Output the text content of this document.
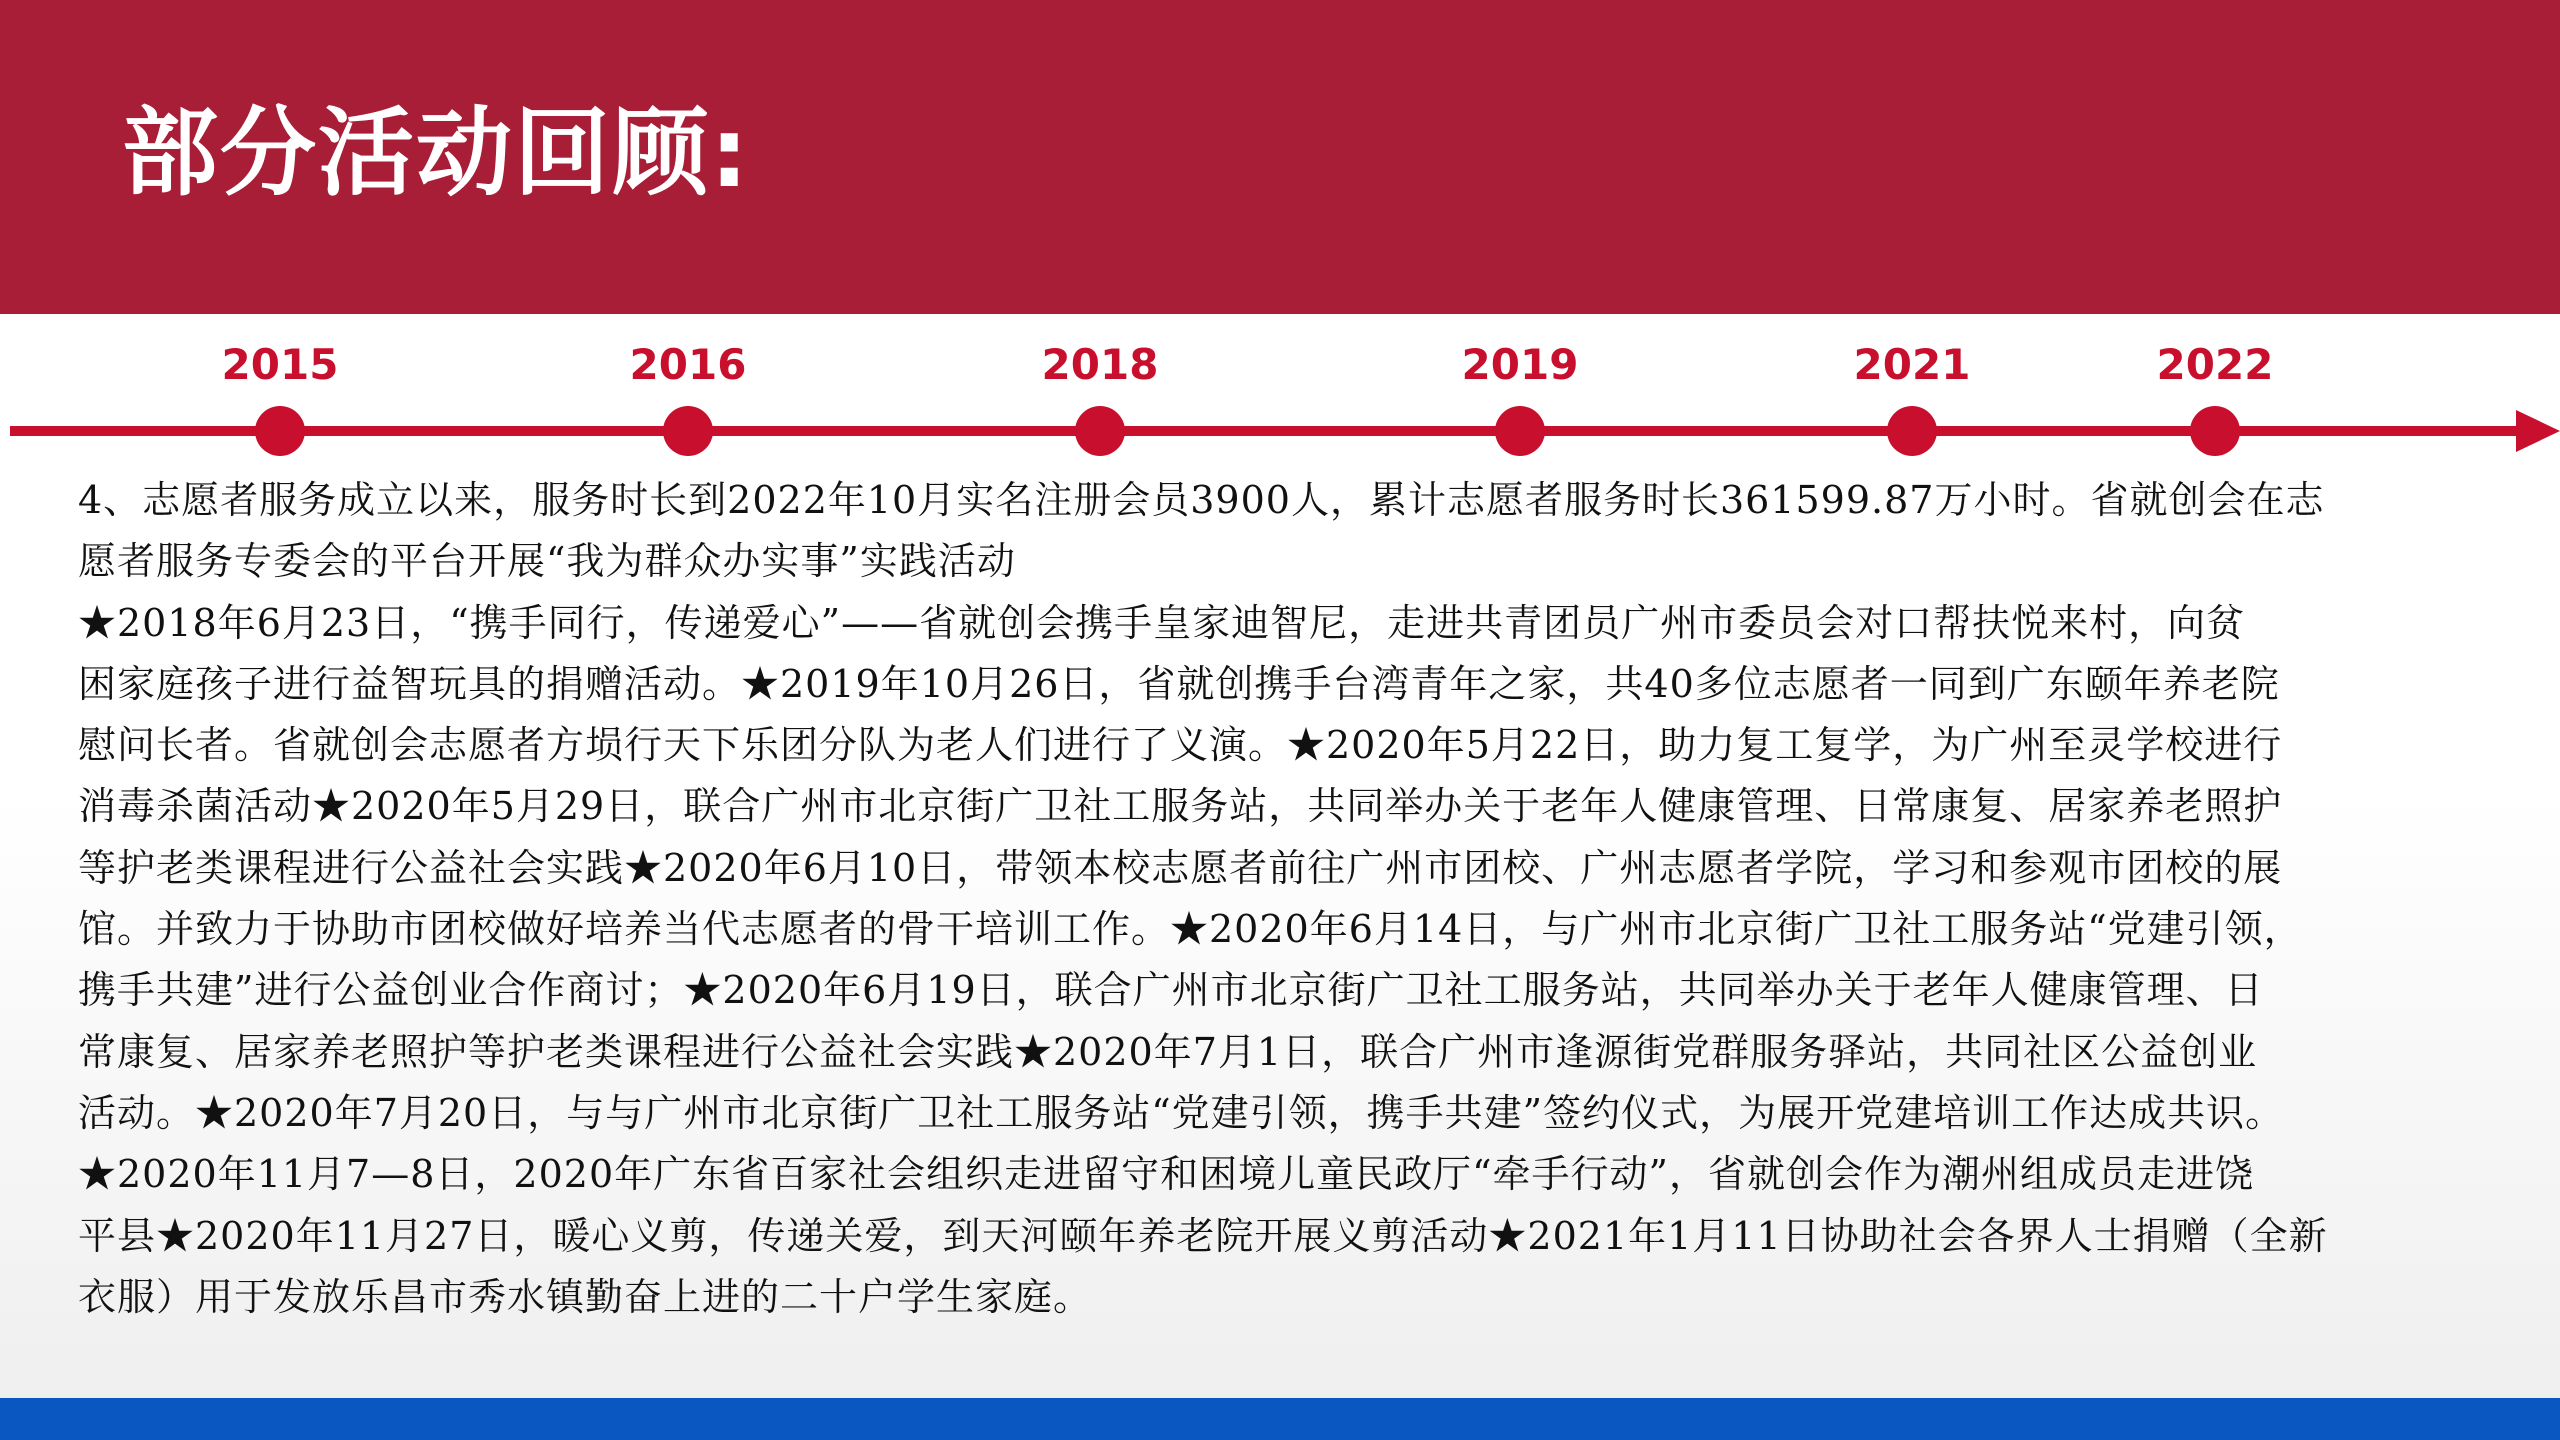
部分活动回顾:
2015	2016	2018	2019	2021	2022

4、志愿者服务成立以来，服务时长到2022年10月实名注册会员3900人，累计志愿者服务时长361599.87万小时。省就创会在志
愿者服务专委会的平台开展“我为群众办实事”实践活动
★2018年6月23日，“携手同行，传递爱心”——省就创会携手皇家迪智尼，走进共青团员广州市委员会对口帮扶悦来村，向贫
困家庭孩子进行益智玩具的捐赠活动。★2019年10月26日，省就创携手台湾青年之家，共40多位志愿者一同到广东颐年养老院
慰问长者。省就创会志愿者方埙行天下乐团分队为老人们进行了义演。★2020年5月22日，助力复工复学，为广州至灵学校进行
消毒杀菌活动★2020年5月29日，联合广州市北京街广卫社工服务站，共同举办关于老年人健康管理、日常康复、居家养老照护
等护老类课程进行公益社会实践★2020年6月10日，带领本校志愿者前往广州市团校、广州志愿者学院，学习和参观市团校的展
馆。并致力于协助市团校做好培养当代志愿者的骨干培训工作。★2020年6月14日，与广州市北京街广卫社工服务站“党建引领，
携手共建”进行公益创业合作商讨；★2020年6月19日，联合广州市北京街广卫社工服务站，共同举办关于老年人健康管理、日
常康复、居家养老照护等护老类课程进行公益社会实践★2020年7月1日，联合广州市逢源街党群服务驿站，共同社区公益创业
活动。★2020年7月20日，与与广州市北京街广卫社工服务站“党建引领，携手共建”签约仪式，为展开党建培训工作达成共识。
★2020年11月7—8日，2020年广东省百家社会组织走进留守和困境儿童民政厅“牵手行动”，省就创会作为潮州组成员走进饶
平县★2020年11月27日，暖心义剪，传递关爱，到天河颐年养老院开展义剪活动★2021年1月11日协助社会各界人士捐赠（全新
衣服）用于发放乐昌市秀水镇勤奋上进的二十户学生家庭。
